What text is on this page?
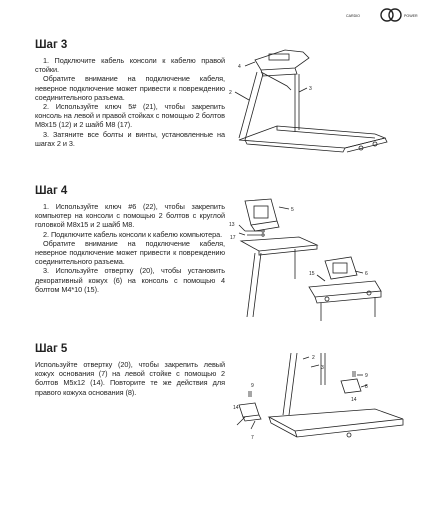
CARDIO	POWER
Шаг 3

1. Подключите кабель консоли к кабелю правой стойки.

Обратите внимание на подключение кабеля, неверное подключение может привести к повреждению соединительного разъема.

2. Используйте ключ 5# (21), чтобы закрепить консоль на левой и правой стойках с помощью 2 болтов M8x15 (12) и 2 шайб M8 (17).

3. Затяните все болты и винты, установленные на шагах 2 и 3.

4
2
3
Шаг 4

1. Используйте ключ #6 (22), чтобы закрепить компьютер на консоли с помощью 2 болтов с круглой головкой M8x15 и 2 шайб M8.

2. Подключите кабель консоли к кабелю компьютера.

Обратите внимание на подключение кабеля, неверное подключение может привести к повреждению соединительного разъема.

3. Используйте отвертку (20), чтобы установить декоративный кожух (6) на консоль с помощью 4 болтом M4*10 (15).

5
13
17
15	6
Шаг 5

Используйте отвертку (20), чтобы закрепить левый кожух основания (7) на левой стойке с помощью 2 болтов M5x12 (14). Повторите те же действия для правого кожуха основания (8).

2
3
9
14
8
9
14
7
